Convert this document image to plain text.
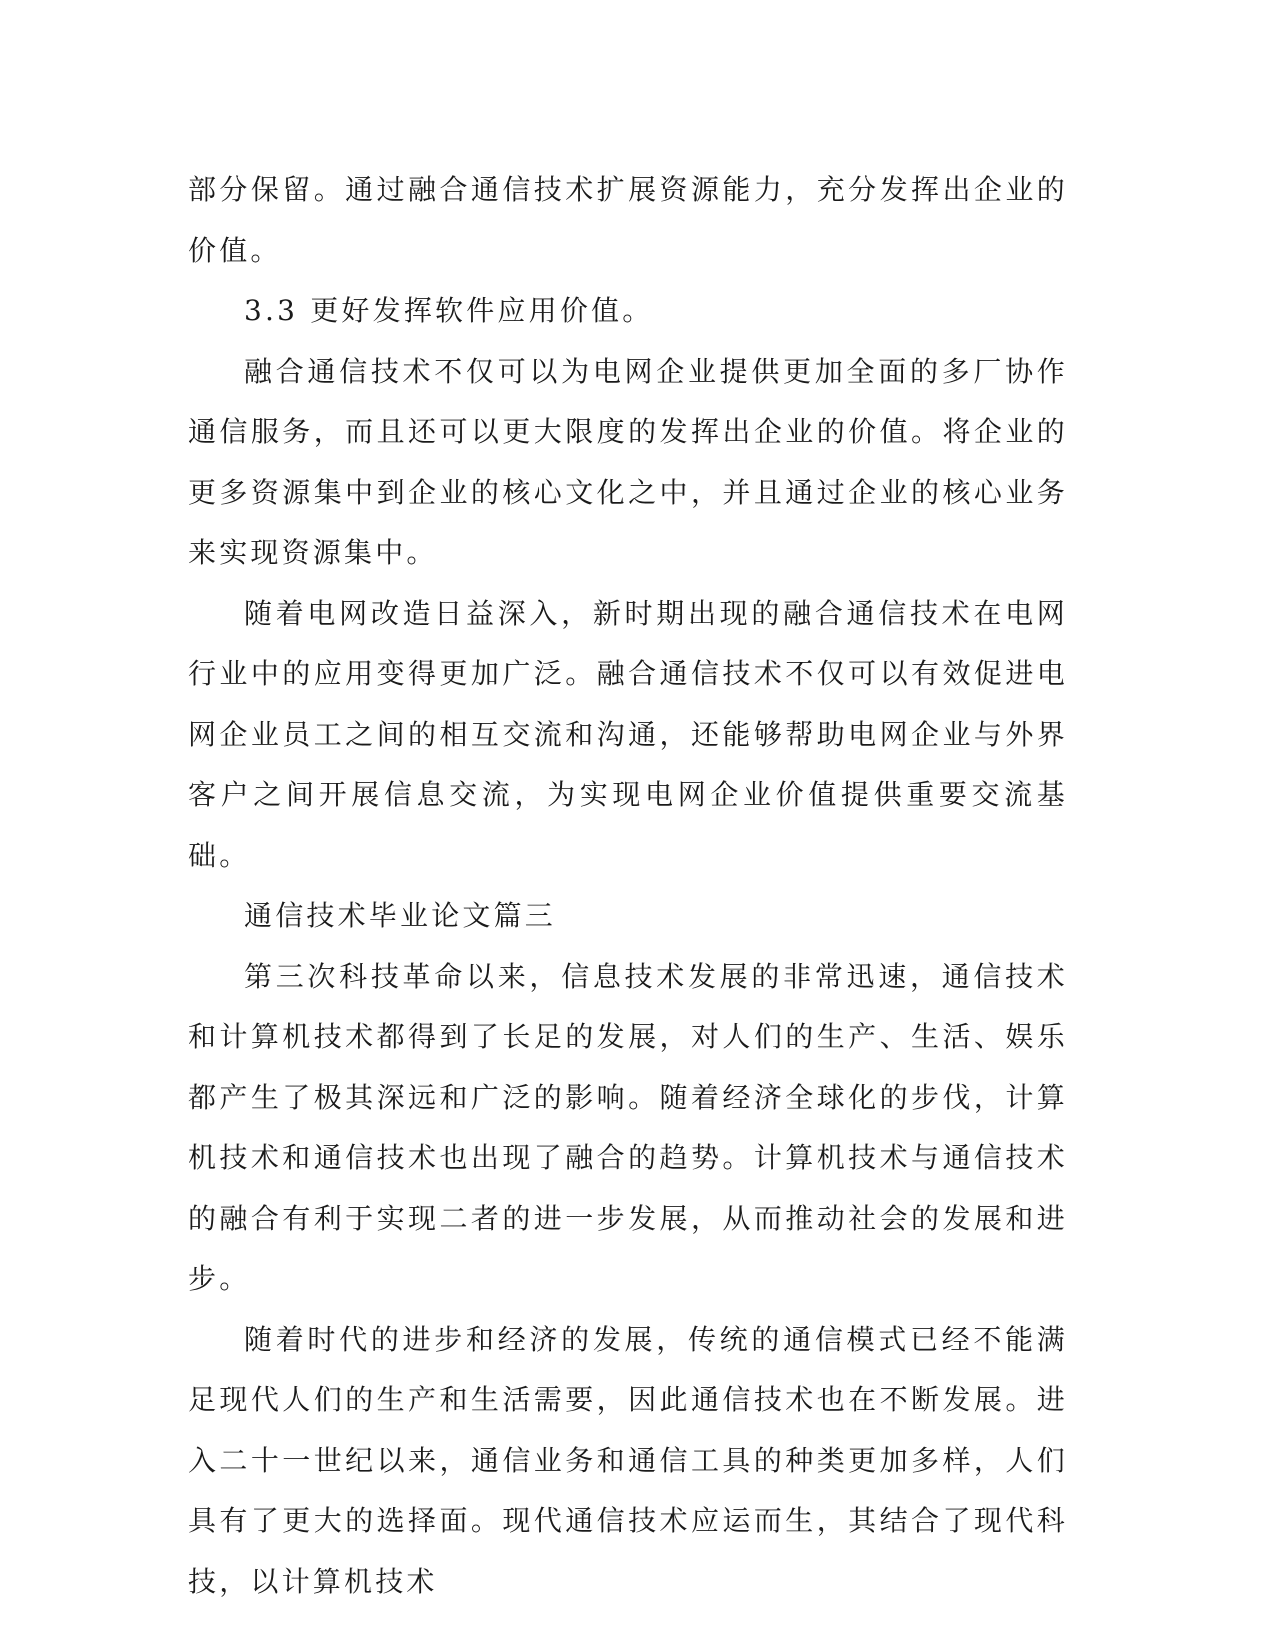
部分保留。通过融合通信技术扩展资源能力，充分发挥出企业的价值。

3.3 更好发挥软件应用价值。

融合通信技术不仅可以为电网企业提供更加全面的多厂协作通信服务，而且还可以更大限度的发挥出企业的价值。将企业的更多资源集中到企业的核心文化之中，并且通过企业的核心业务来实现资源集中。

随着电网改造日益深入，新时期出现的融合通信技术在电网行业中的应用变得更加广泛。融合通信技术不仅可以有效促进电网企业员工之间的相互交流和沟通，还能够帮助电网企业与外界客户之间开展信息交流，为实现电网企业价值提供重要交流基础。

通信技术毕业论文篇三

第三次科技革命以来，信息技术发展的非常迅速，通信技术和计算机技术都得到了长足的发展，对人们的生产、生活、娱乐都产生了极其深远和广泛的影响。随着经济全球化的步伐，计算机技术和通信技术也出现了融合的趋势。计算机技术与通信技术的融合有利于实现二者的进一步发展，从而推动社会的发展和进步。

随着时代的进步和经济的发展，传统的通信模式已经不能满足现代人们的生产和生活需要，因此通信技术也在不断发展。进入二十一世纪以来，通信业务和通信工具的种类更加多样，人们具有了更大的选择面。现代通信技术应运而生，其结合了现代科技，以计算机技术
